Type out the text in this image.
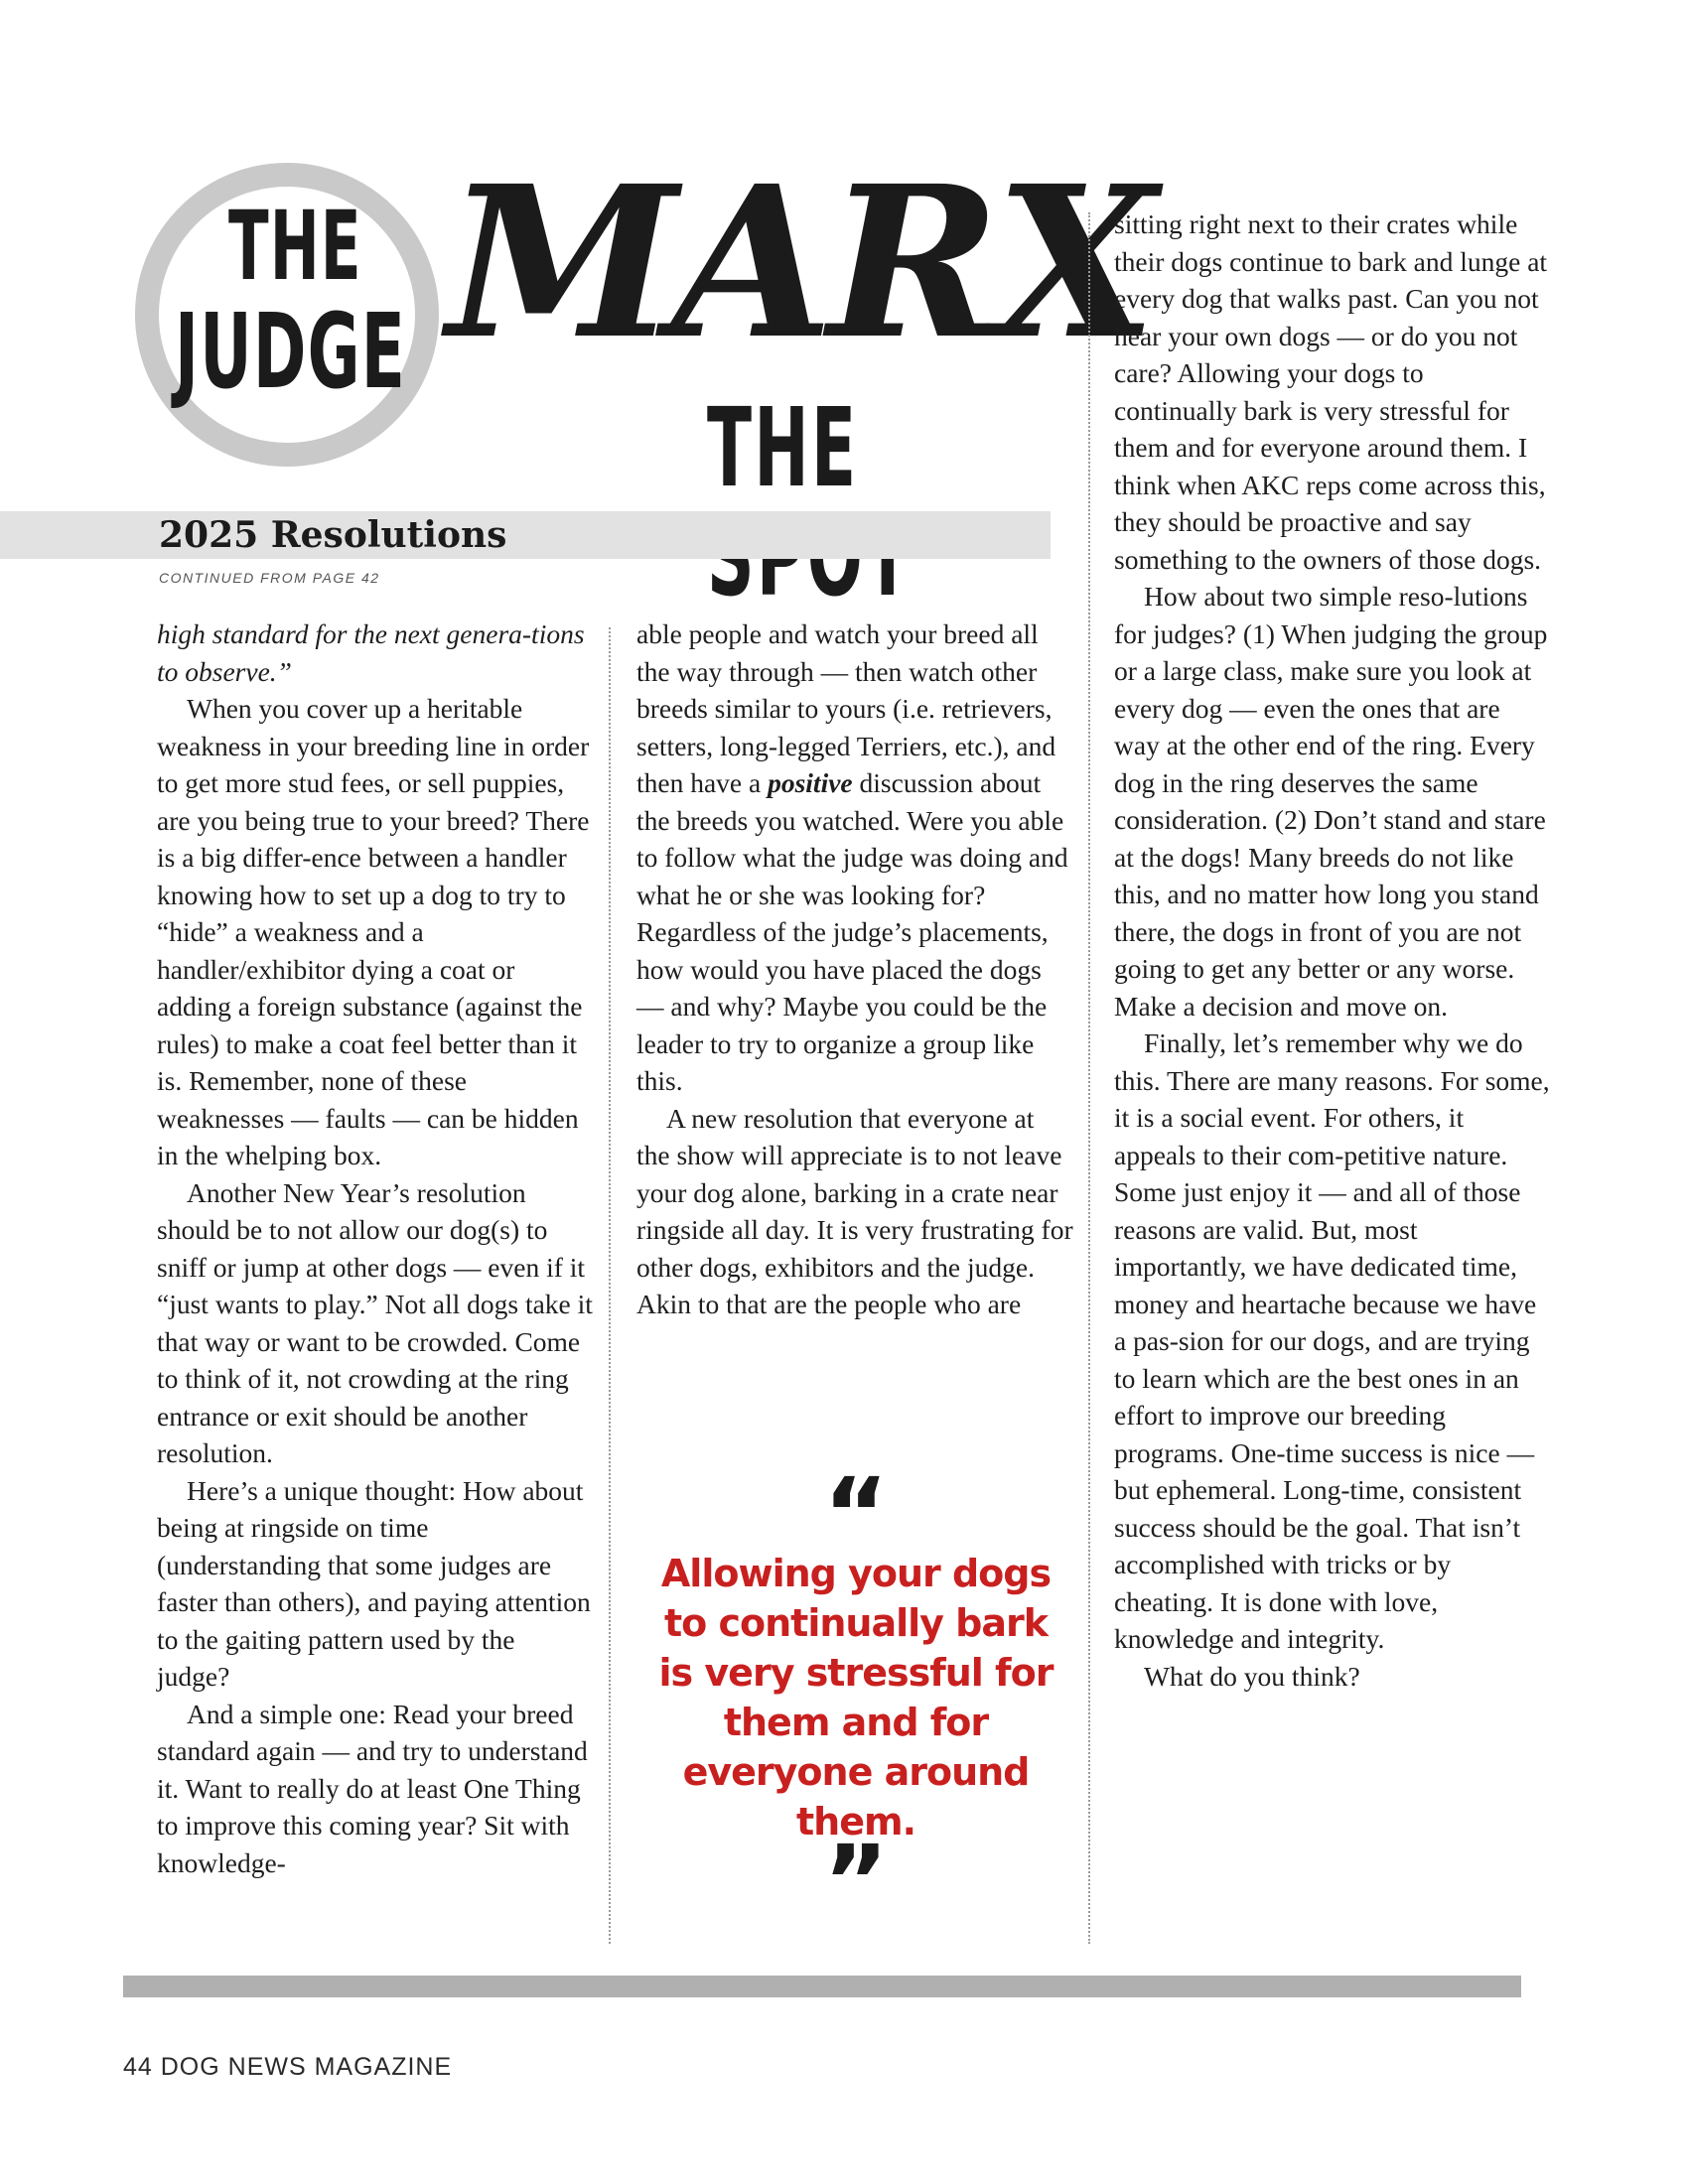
THE
JUDGE MARX
THE
2025 Resolutions
CONTINUED FROM PAGE 42

high standard for the next genera-tions to observe.”

When you cover up a heritable weakness in your breeding line in order to get more stud fees, or sell puppies, are you being true to your breed? There is a big differ-ence between a handler knowing how to set up a dog to try to “hide” a weakness and a handler/exhibitor dying a coat or adding a foreign substance (against the rules) to make a coat feel better than it is. Remember, none of these weaknesses — faults — can be hidden in the whelping box.

Another New Year’s resolution should be to not allow our dog(s) to sniff or jump at other dogs — even if it “just wants to play.” Not all dogs take it that way or want to be crowded. Come to think of it, not crowding at the ring entrance or exit should be another resolution.

Here’s a unique thought: How about being at ringside on time (understanding that some judges are faster than others), and paying attention to the gaiting pattern used by the judge?

And a simple one: Read your breed standard again — and try to understand it. Want to really do at least One Thing to improve this coming year? Sit with knowledge-

able people and watch your breed all the way through — then watch other breeds similar to yours (i.e. retrievers, setters, long-legged Terriers, etc.), and then have a positive discussion about the breeds you watched. Were you able to follow what the judge was doing and what he or she was looking for? Regardless of the judge’s placements, how would you have placed the dogs — and why? Maybe you could be the leader to try to organize a group like this.

A new resolution that everyone at the show will appreciate is to not leave your dog alone, barking in a crate near ringside all day. It is very frustrating for other dogs, exhibitors and the judge. Akin to that are the people who are

“
Allowing your dogs to continually bark is very stressful for them and for everyone around them.
”

sitting right next to their crates while their dogs continue to bark and lunge at every dog that walks past. Can you not hear your own dogs — or do you not care? Allowing your dogs to continually bark is very stressful for them and for everyone around them. I think when AKC reps come across this, they should be proactive and say something to the owners of those dogs.

How about two simple reso-lutions for judges? (1) When judging the group or a large class, make sure you look at every dog — even the ones that are way at the other end of the ring. Every dog in the ring deserves the same consideration. (2) Don’t stand and stare at the dogs! Many breeds do not like this, and no matter how long you stand there, the dogs in front of you are not going to get any better or any worse. Make a decision and move on.

Finally, let’s remember why we do this. There are many reasons. For some, it is a social event. For others, it appeals to their com-petitive nature. Some just enjoy it — and all of those reasons are valid. But, most importantly, we have dedicated time, money and heartache because we have a pas-sion for our dogs, and are trying to learn which are the best ones in an effort to improve our breeding programs. One-time success is nice — but ephemeral. Long-time, consistent success should be the goal. That isn’t accomplished with tricks or by cheating. It is done with love, knowledge and integrity.

What do you think?

44 DOG NEWS MAGAZINE
